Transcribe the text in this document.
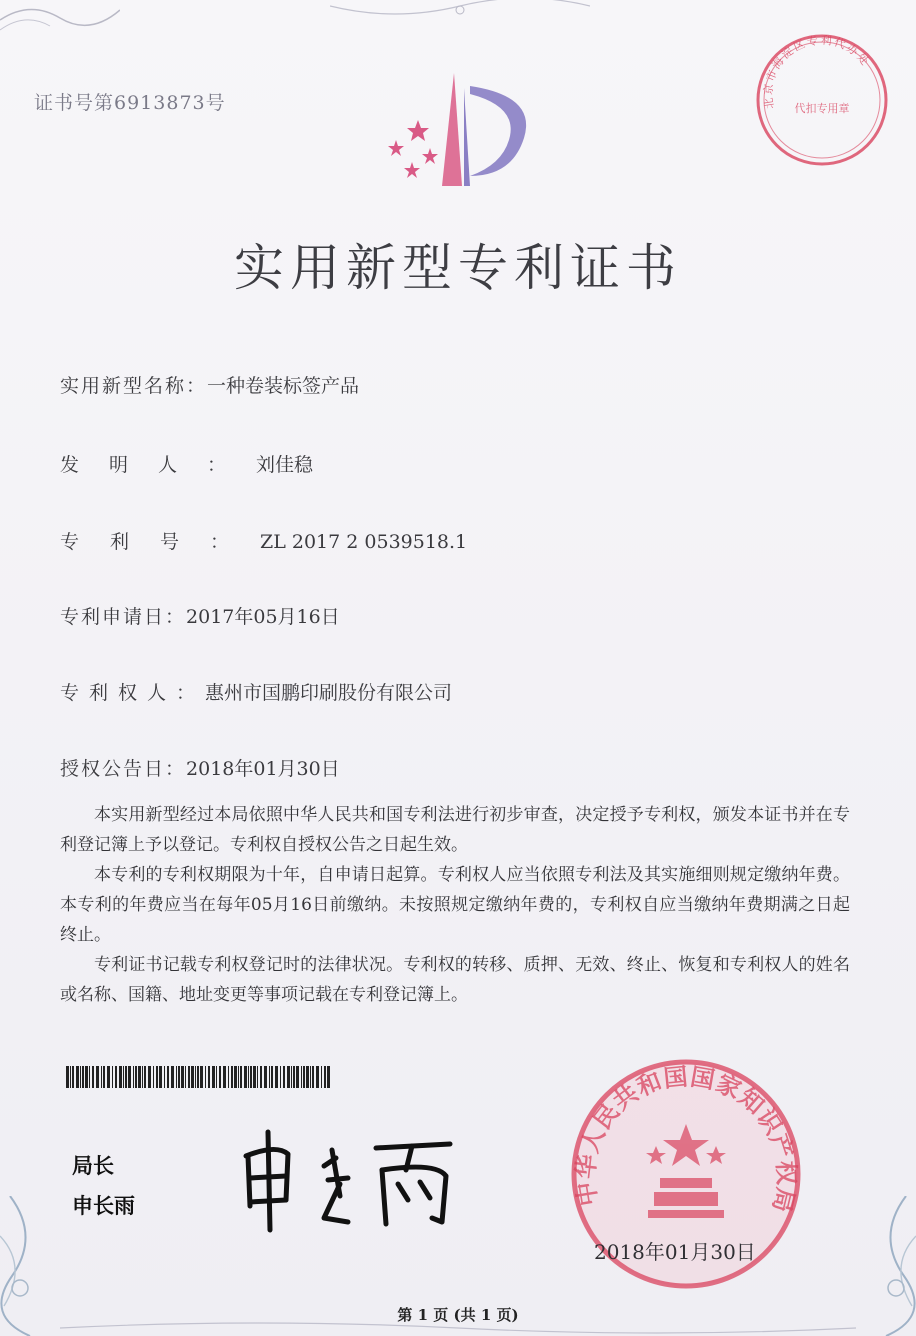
证书号第6913873号	北京市海淀区专利代办处
代扣专用章
实用新型专利证书
实用新型名称：一种卷装标签产品
发明人：刘佳稳
专利号：ZL 2017 2 0539518.1
专利申请日：2017年05月16日
专利权人：惠州市国鹏印刷股份有限公司
授权公告日：2018年01月30日

本实用新型经过本局依照中华人民共和国专利法进行初步审查，决定授予专利权，颁发本证书并在专利登记簿上予以登记。专利权自授权公告之日起生效。

本专利的专利权期限为十年，自申请日起算。专利权人应当依照专利法及其实施细则规定缴纳年费。本专利的年费应当在每年05月16日前缴纳。未按照规定缴纳年费的，专利权自应当缴纳年费期满之日起终止。

专利证书记载专利权登记时的法律状况。专利权的转移、质押、无效、终止、恢复和专利权人的姓名或名称、国籍、地址变更等事项记载在专利登记簿上。

局长
申长雨	中华人民共和国国家知识产权局
2018年01月30日
第 1 页 (共 1 页)
